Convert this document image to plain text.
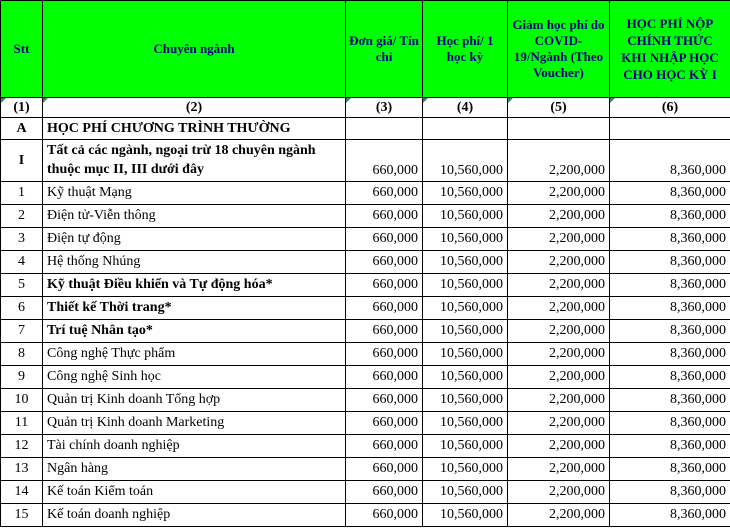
Stt	Chuyên ngành	Đơn giá/ Tín chỉ	Học phí/ 1 học kỳ	Giảm học phí do COVID-19/Ngành (Theo Voucher)	HỌC PHÍ NỘP CHÍNH THỨC KHI NHẬP HỌC CHO HỌC KỲ I

(1)	(2)	(3)	(4)	(5)	(6)
A	HỌC PHÍ CHƯƠNG TRÌNH THƯỜNG				
I	Tất cả các ngành, ngoại trừ 18 chuyên ngành thuộc mục II, III dưới đây	660,000	10,560,000	2,200,000	8,360,000
1	Kỹ thuật Mạng	660,000	10,560,000	2,200,000	8,360,000
2	Điện tử-Viễn thông	660,000	10,560,000	2,200,000	8,360,000
3	Điện tự động	660,000	10,560,000	2,200,000	8,360,000
4	Hệ thống Nhúng	660,000	10,560,000	2,200,000	8,360,000
5	Kỹ thuật Điều khiển và Tự động hóa*	660,000	10,560,000	2,200,000	8,360,000
6	Thiết kế Thời trang*	660,000	10,560,000	2,200,000	8,360,000
7	Trí tuệ Nhân tạo*	660,000	10,560,000	2,200,000	8,360,000
8	Công nghệ Thực phẩm	660,000	10,560,000	2,200,000	8,360,000
9	Công nghệ Sinh học	660,000	10,560,000	2,200,000	8,360,000
10	Quản trị Kinh doanh Tổng hợp	660,000	10,560,000	2,200,000	8,360,000
11	Quản trị Kinh doanh Marketing	660,000	10,560,000	2,200,000	8,360,000
12	Tài chính doanh nghiệp	660,000	10,560,000	2,200,000	8,360,000
13	Ngân hàng	660,000	10,560,000	2,200,000	8,360,000
14	Kế toán Kiểm toán	660,000	10,560,000	2,200,000	8,360,000
15	Kế toán doanh nghiệp	660,000	10,560,000	2,200,000	8,360,000
